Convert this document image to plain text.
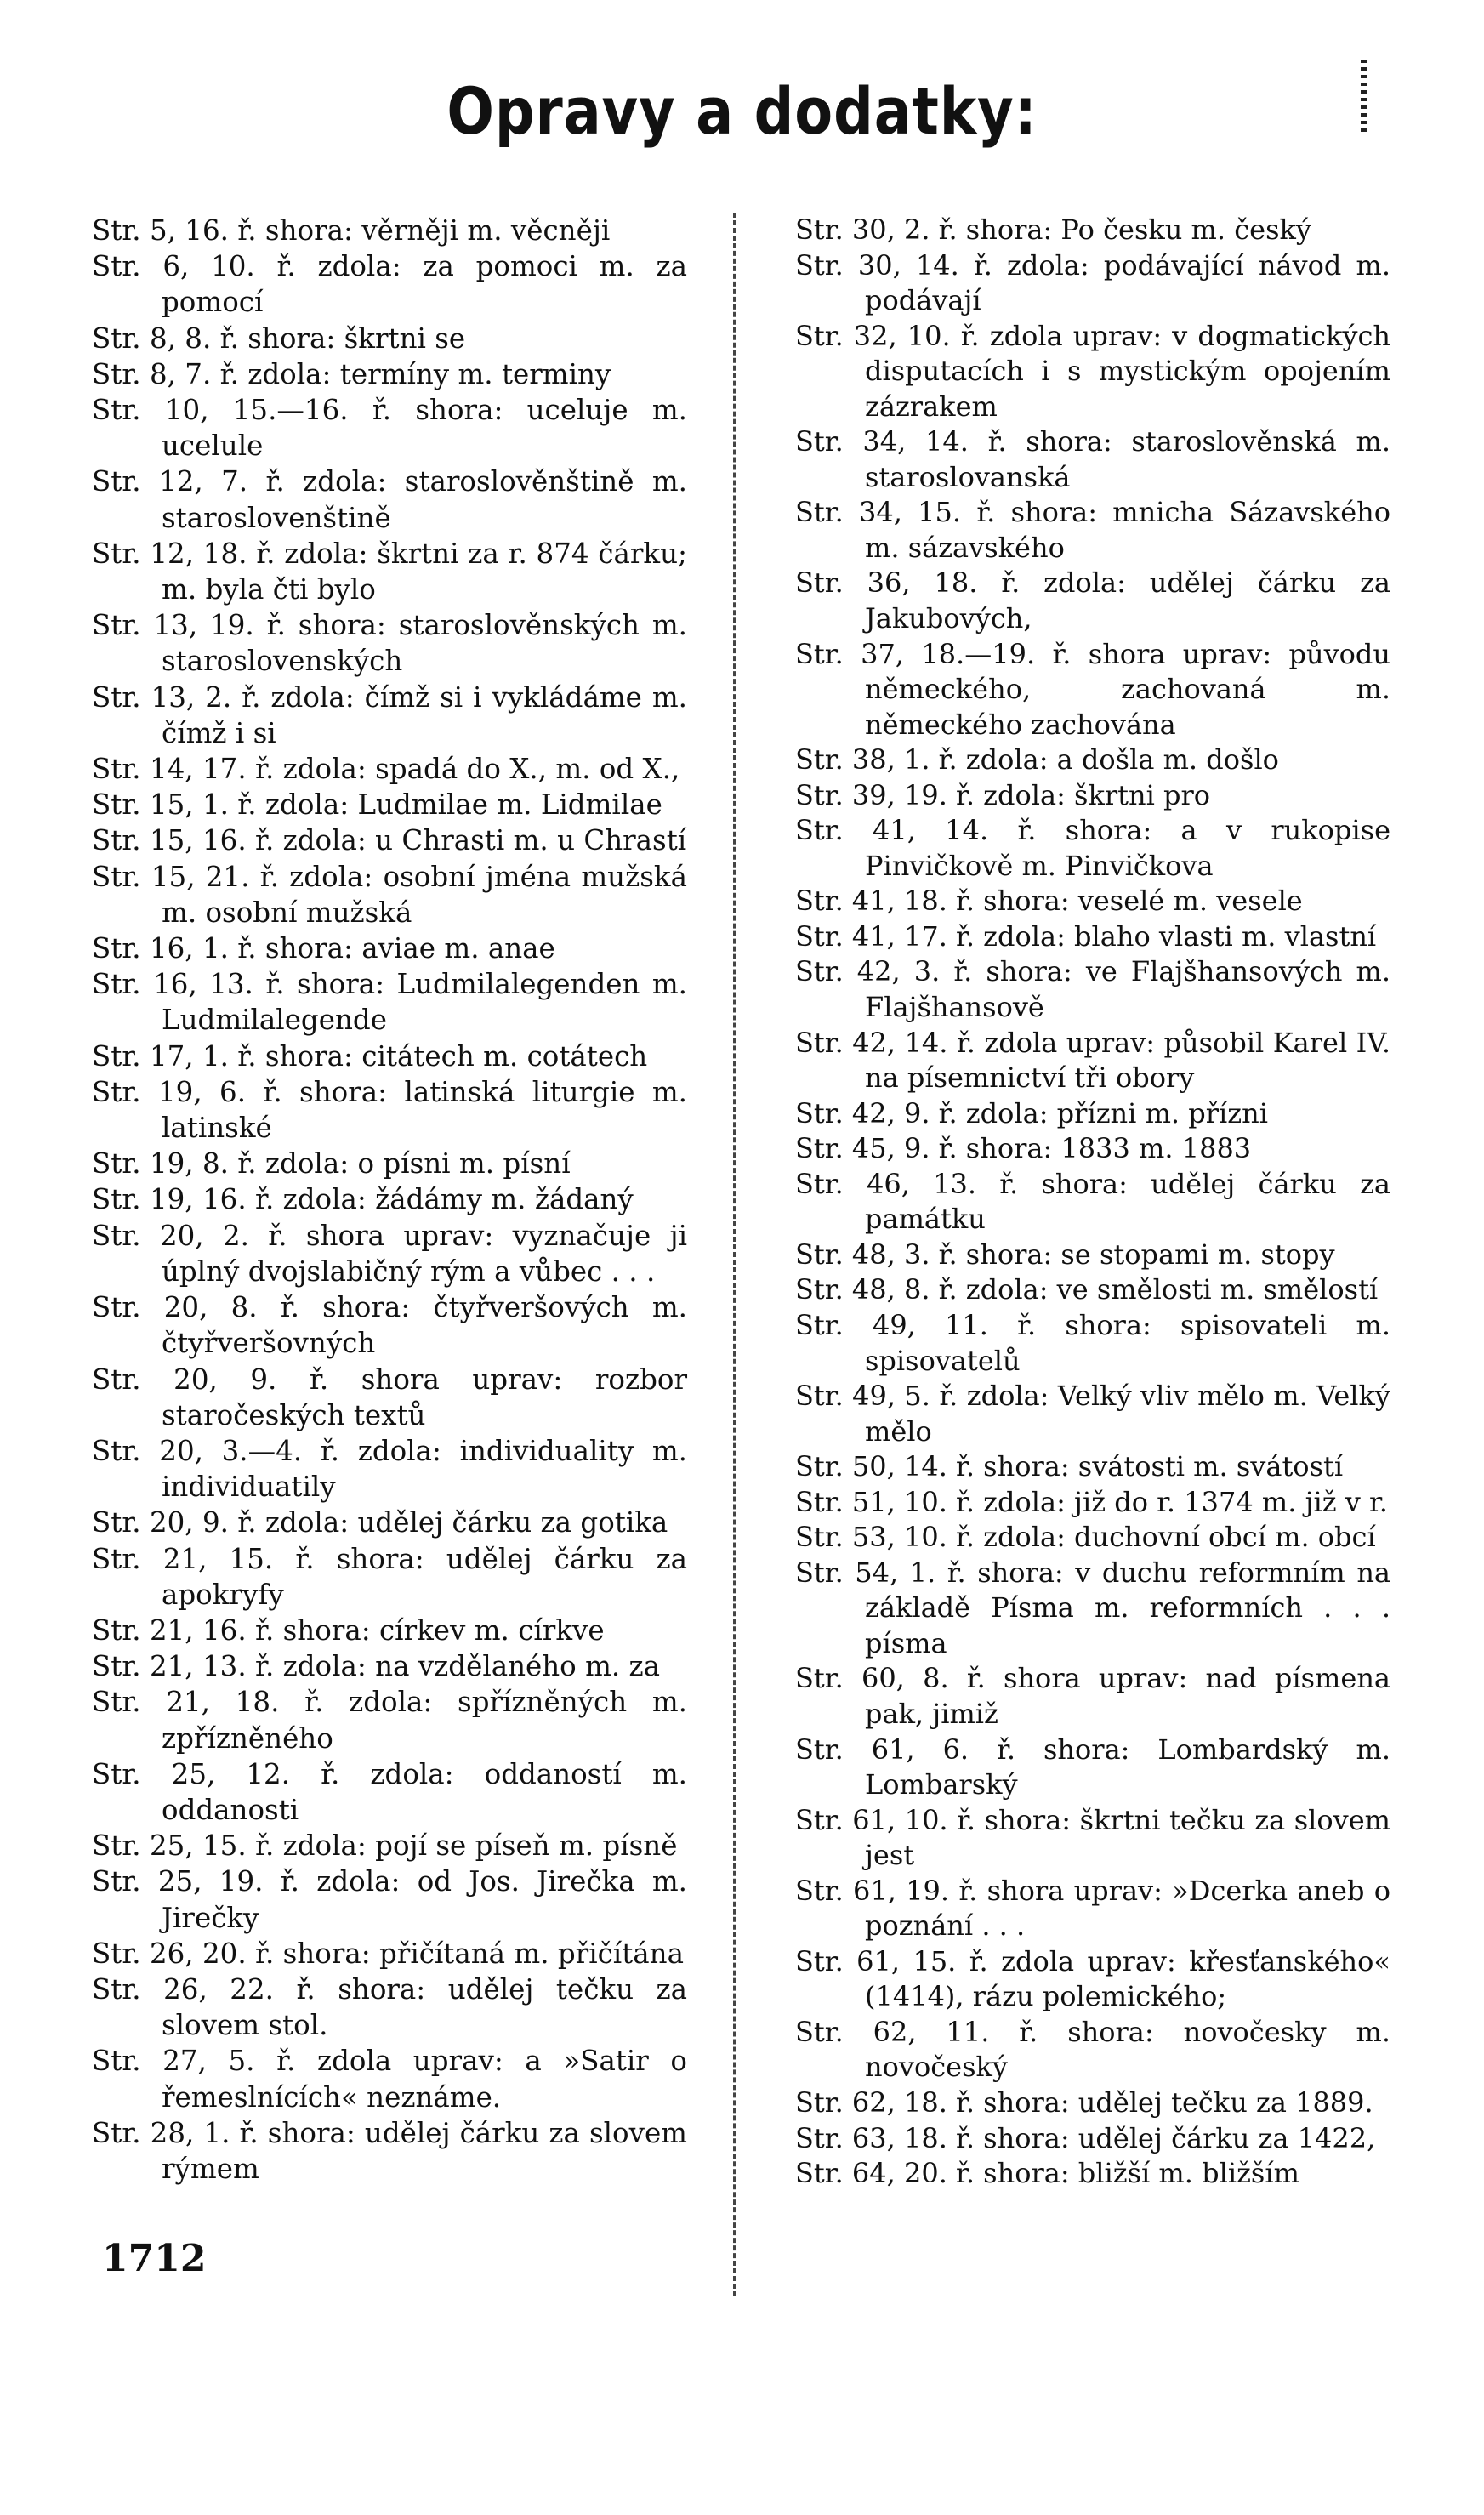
Opravy a dodatky:

Str. 5, 16. ř. shora: věrněji m. věcněji

Str. 6, 10. ř. zdola: za pomoci m. za pomocí

Str. 8, 8. ř. shora: škrtni se

Str. 8, 7. ř. zdola: termíny m. terminy

Str. 10, 15.—16. ř. shora: uceluje m. ucelule

Str. 12, 7. ř. zdola: staroslověnštině m. staroslovenštině

Str. 12, 18. ř. zdola: škrtni za r. 874 čárku; m. byla čti bylo

Str. 13, 19. ř. shora: staroslověnských m. staroslovenských

Str. 13, 2. ř. zdola: čímž si i vykládáme m. čímž i si

Str. 14, 17. ř. zdola: spadá do X., m. od X.,

Str. 15, 1. ř. zdola: Ludmilae m. Lidmilae

Str. 15, 16. ř. zdola: u Chrasti m. u Chrastí

Str. 15, 21. ř. zdola: osobní jména mužská m. osobní mužská

Str. 16, 1. ř. shora: aviae m. anae

Str. 16, 13. ř. shora: Ludmilalegenden m. Ludmilalegende

Str. 17, 1. ř. shora: citátech m. cotátech

Str. 19, 6. ř. shora: latinská liturgie m. latinské

Str. 19, 8. ř. zdola: o písni m. písní

Str. 19, 16. ř. zdola: žádámy m. žádaný

Str. 20, 2. ř. shora uprav: vyznačuje ji úplný dvojslabičný rým a vůbec . . .

Str. 20, 8. ř. shora: čtyřveršových m. čtyřveršovných

Str. 20, 9. ř. shora uprav: rozbor staročeských textů

Str. 20, 3.—4. ř. zdola: individuality m. individuatily

Str. 20, 9. ř. zdola: udělej čárku za gotika

Str. 21, 15. ř. shora: udělej čárku za apokryfy

Str. 21, 16. ř. shora: církev m. církve

Str. 21, 13. ř. zdola: na vzdělaného m. za

Str. 21, 18. ř. zdola: spřízněných m. zpřízněného

Str. 25, 12. ř. zdola: oddaností m. oddanosti

Str. 25, 15. ř. zdola: pojí se píseň m. písně

Str. 25, 19. ř. zdola: od Jos. Jirečka m. Jirečky

Str. 26, 20. ř. shora: přičítaná m. přičítána

Str. 26, 22. ř. shora: udělej tečku za slovem stol.

Str. 27, 5. ř. zdola uprav: a »Satir o řemeslnících« neznáme.

Str. 28, 1. ř. shora: udělej čárku za slovem rýmem

Str. 30, 2. ř. shora: Po česku m. český

Str. 30, 14. ř. zdola: podávající návod m. podávají

Str. 32, 10. ř. zdola uprav: v dogmatických disputacích i s mystickým opojením zázrakem

Str. 34, 14. ř. shora: staroslověnská m. staroslovanská

Str. 34, 15. ř. shora: mnicha Sázavského m. sázavského

Str. 36, 18. ř. zdola: udělej čárku za Jakubových,

Str. 37, 18.—19. ř. shora uprav: původu německého, zachovaná m. německého zachována

Str. 38, 1. ř. zdola: a došla m. došlo

Str. 39, 19. ř. zdola: škrtni pro

Str. 41, 14. ř. shora: a v rukopise Pinvičkově m. Pinvičkova

Str. 41, 18. ř. shora: veselé m. vesele

Str. 41, 17. ř. zdola: blaho vlasti m. vlastní

Str. 42, 3. ř. shora: ve Flajšhansových m. Flajšhansově

Str. 42, 14. ř. zdola uprav: působil Karel IV. na písemnictví tři obory

Str. 42, 9. ř. zdola: přízni m. přízni

Str. 45, 9. ř. shora: 1833 m. 1883

Str. 46, 13. ř. shora: udělej čárku za památku

Str. 48, 3. ř. shora: se stopami m. stopy

Str. 48, 8. ř. zdola: ve smělosti m. smělostí

Str. 49, 11. ř. shora: spisovateli m. spisovatelů

Str. 49, 5. ř. zdola: Velký vliv mělo m. Velký mělo

Str. 50, 14. ř. shora: svátosti m. svátostí

Str. 51, 10. ř. zdola: již do r. 1374 m. již v r.

Str. 53, 10. ř. zdola: duchovní obcí m. obcí

Str. 54, 1. ř. shora: v duchu reformním na základě Písma m. reformních . . . písma

Str. 60, 8. ř. shora uprav: nad písmena pak, jimiž

Str. 61, 6. ř. shora: Lombardský m. Lombarský

Str. 61, 10. ř. shora: škrtni tečku za slovem jest

Str. 61, 19. ř. shora uprav: »Dcerka aneb o poznání . . .

Str. 61, 15. ř. zdola uprav: křesťanského« (1414), rázu polemického;

Str. 62, 11. ř. shora: novočesky m. novočeský

Str. 62, 18. ř. shora: udělej tečku za 1889.

Str. 63, 18. ř. shora: udělej čárku za 1422,

Str. 64, 20. ř. shora: bližší m. bližším

1712
